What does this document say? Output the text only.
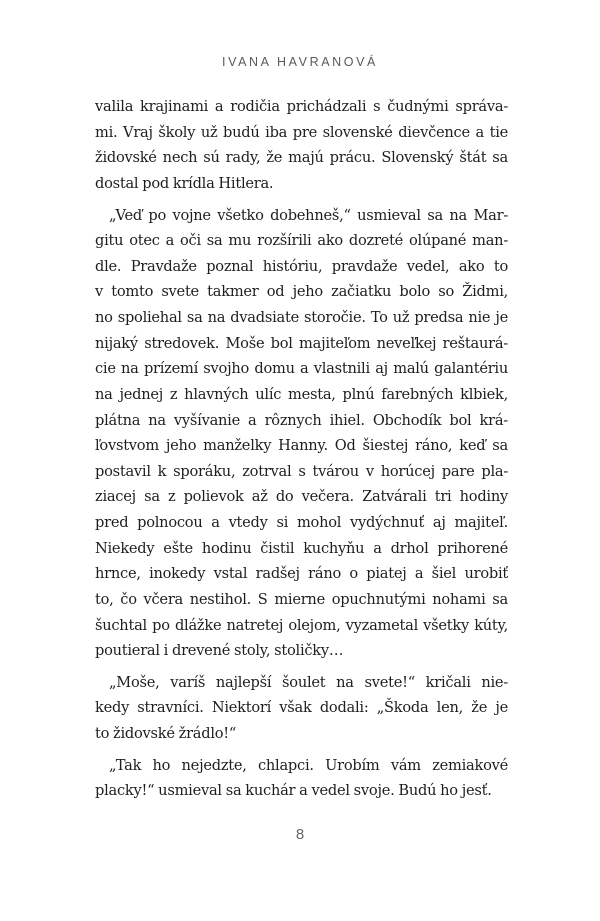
IVANA HAVRANOVÁ
valila krajinami a rodičia prichádzali s čudnými správa-
mi. Vraj školy už budú iba pre slovenské dievčence a tie
židovské nech sú rady, že majú prácu. Slovenský štát sa
dostal pod krídla Hitlera.
„Veď po vojne všetko dobehneš,“ usmieval sa na Mar-
gitu otec a oči sa mu rozšírili ako dozreté olúpané man-
dle. Pravdaže poznal históriu, pravdaže vedel, ako to
v tomto svete takmer od jeho začiatku bolo so Židmi,
no spoliehal sa na dvadsiate storočie. To už predsa nie je
nijaký stredovek. Moše bol majiteľom neveľkej reštaurá-
cie na prízemí svojho domu a vlastnili aj malú galantériu
na jednej z hlavných ulíc mesta, plnú farebných klbiek,
plátna na vyšívanie a rôznych ihiel. Obchodík bol krá-
ľovstvom jeho manželky Hanny. Od šiestej ráno, keď sa
postavil k sporáku, zotrval s tvárou v horúcej pare pla-
ziacej sa z polievok až do večera. Zatvárali tri hodiny
pred polnocou a vtedy si mohol vydýchnuť aj majiteľ.
Niekedy ešte hodinu čistil kuchyňu a drhol prihorené
hrnce, inokedy vstal radšej ráno o piatej a šiel urobiť
to, čo včera nestihol. S mierne opuchnutými nohami sa
šuchtal po dlážke natretej olejom, vyzametal všetky kúty,
poutieral i drevené stoly, stoličky…
„Moše, varíš najlepší šoulet na svete!“ kričali nie-
kedy stravníci. Niektorí však dodali: „Škoda len, že je
to židovské žrádlo!“
„Tak ho nejedzte, chlapci. Urobím vám zemiakové
placky!“ usmieval sa kuchár a vedel svoje. Budú ho jesť.
8
